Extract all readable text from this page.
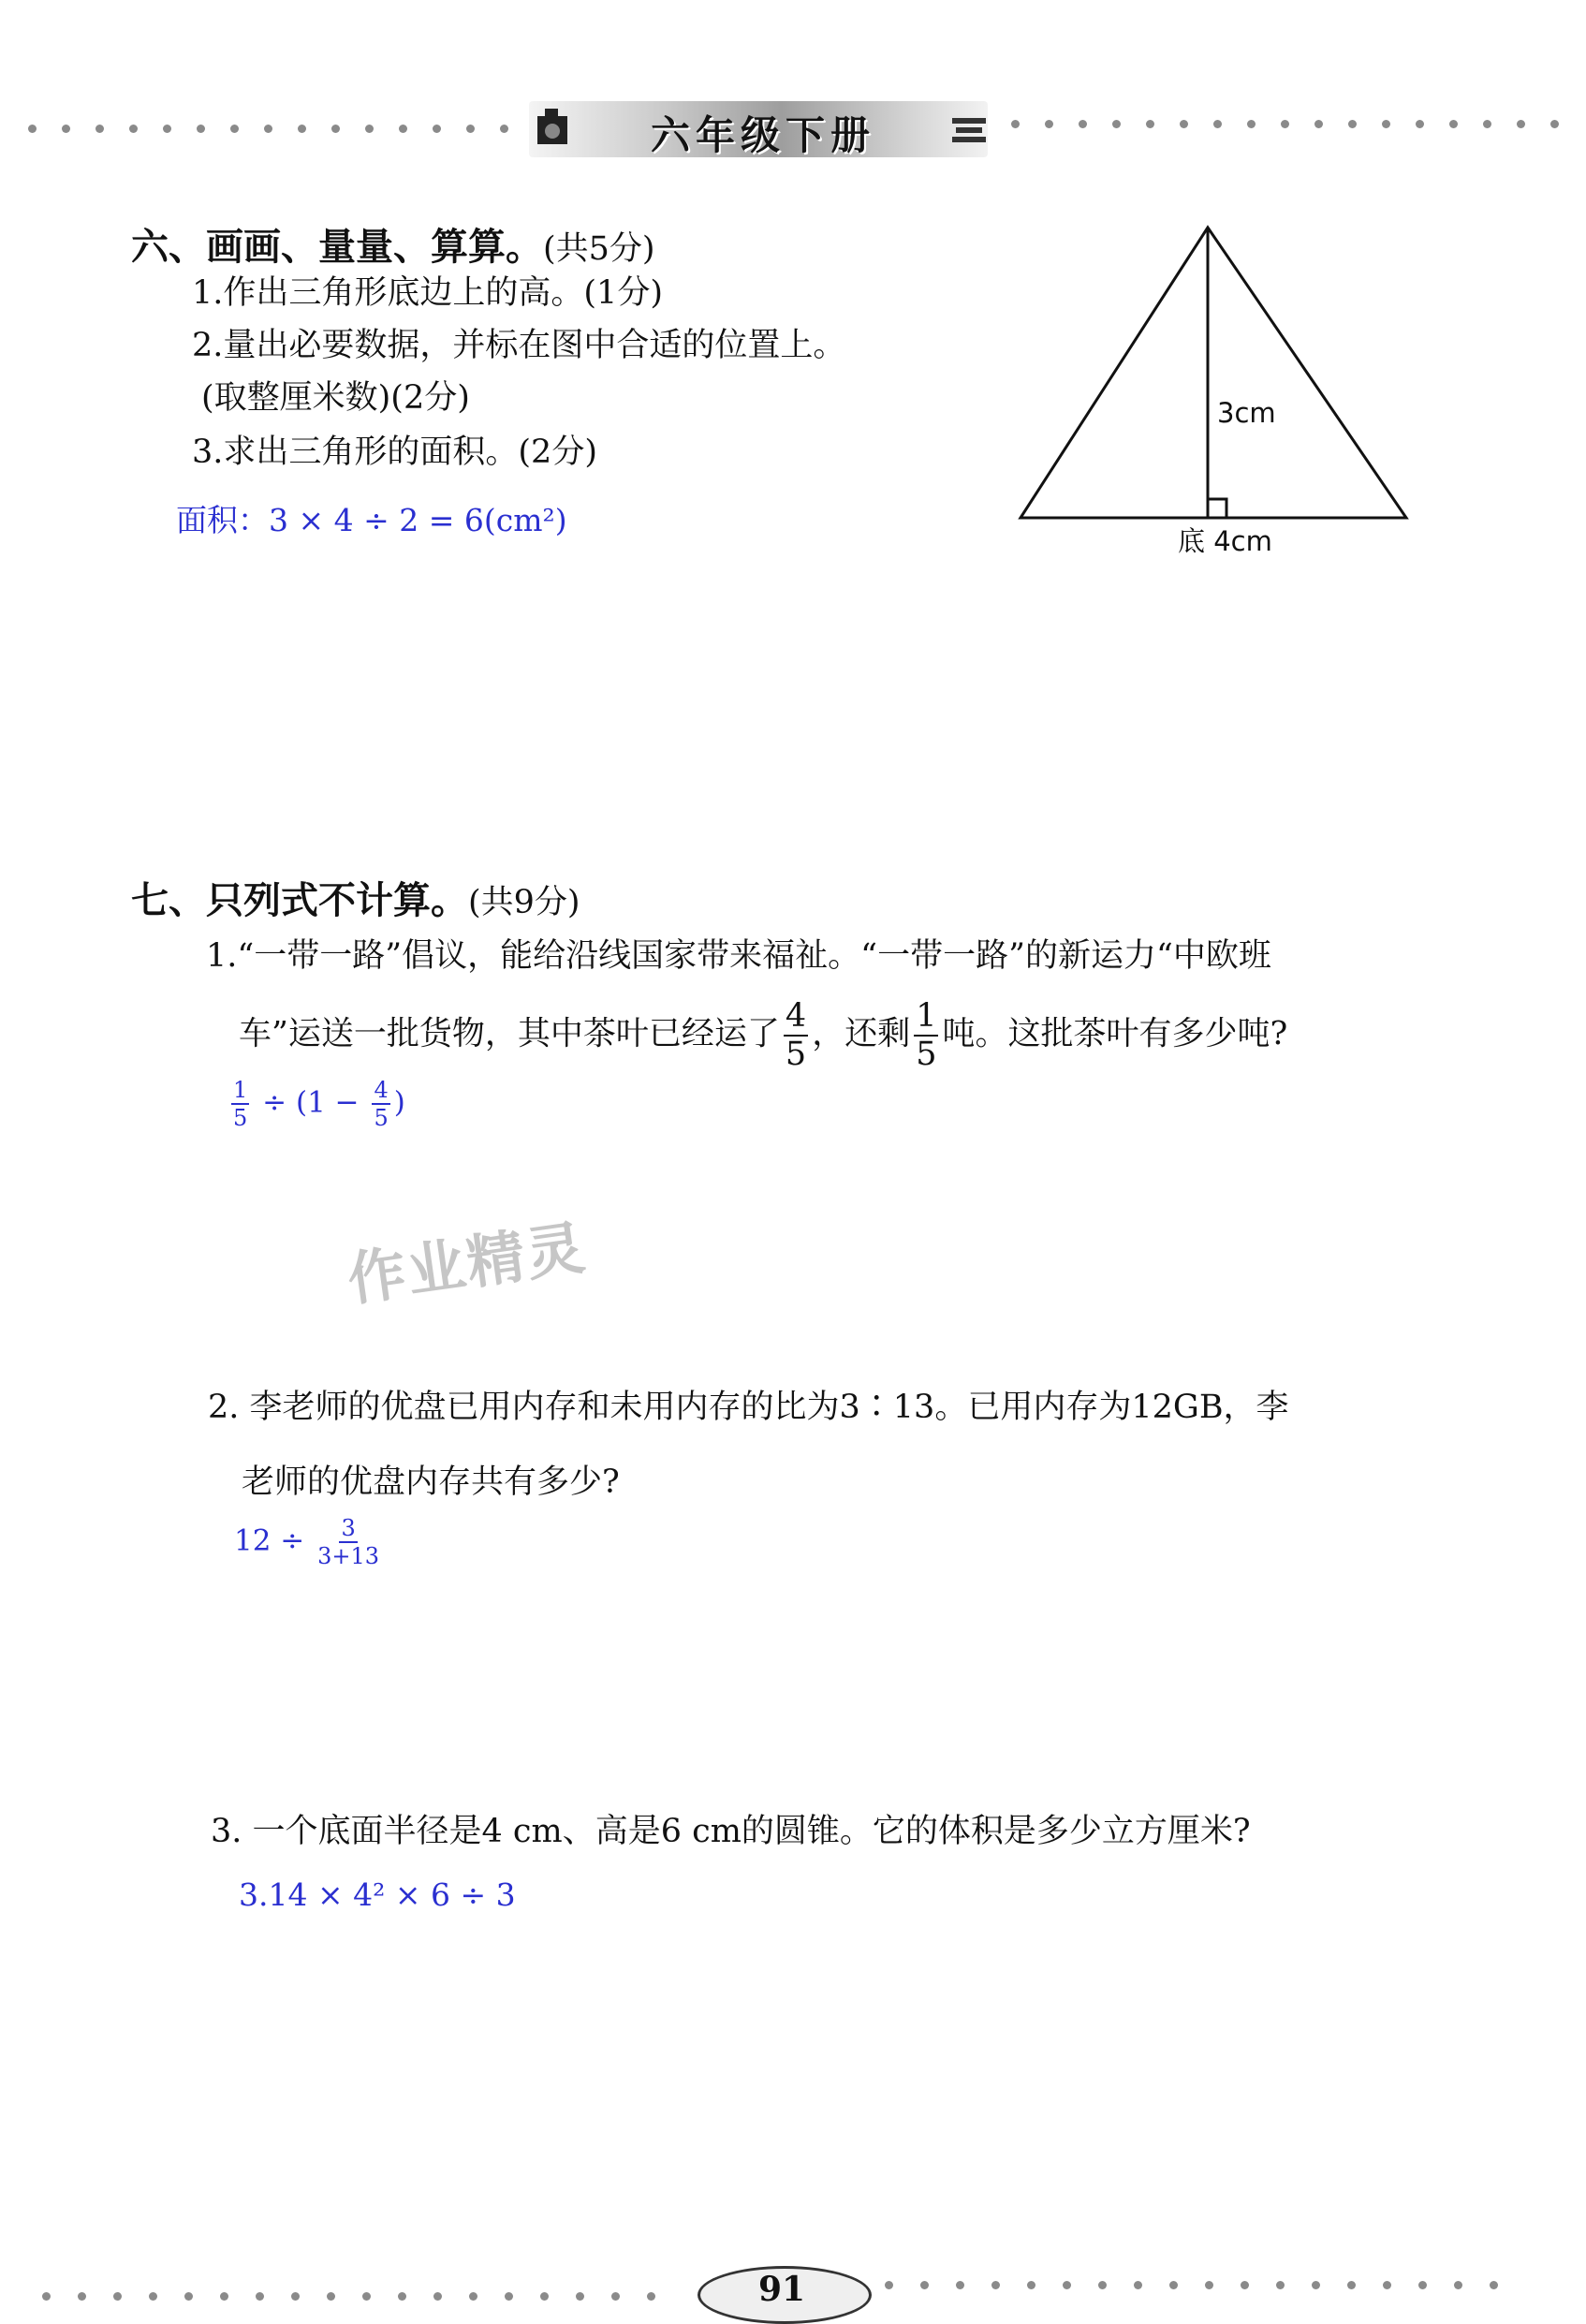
六年级下册
六、画画、量量、算算。(共5分)
1.作出三角形底边上的高。(1分)
2.量出必要数据，并标在图中合适的位置上。
(取整厘米数)(2分)
3.求出三角形的面积。(2分)
面积：3 × 4 ÷ 2 = 6(cm²)
3cm
底 4cm
七、只列式不计算。(共9分)
1.“一带一路”倡议，能给沿线国家带来福祉。“一带一路”的新运力“中欧班
车”运送一批货物，其中茶叶已经运了 $\frac{4}{5}$ ，还剩 $\frac{1}{5}$ 吨。这批茶叶有多少吨?
$\frac{1}{5} \div (1 - \frac{4}{5}$ )
作业精灵
2. 李老师的优盘已用内存和未用内存的比为3∶13。已用内存为12GB，李
老师的优盘内存共有多少?
$12 \div \frac{3}{3+13}$
3. 一个底面半径是4 cm、高是6 cm的圆锥。它的体积是多少立方厘米?
3.14 × 4² × 6 ÷ 3
91
